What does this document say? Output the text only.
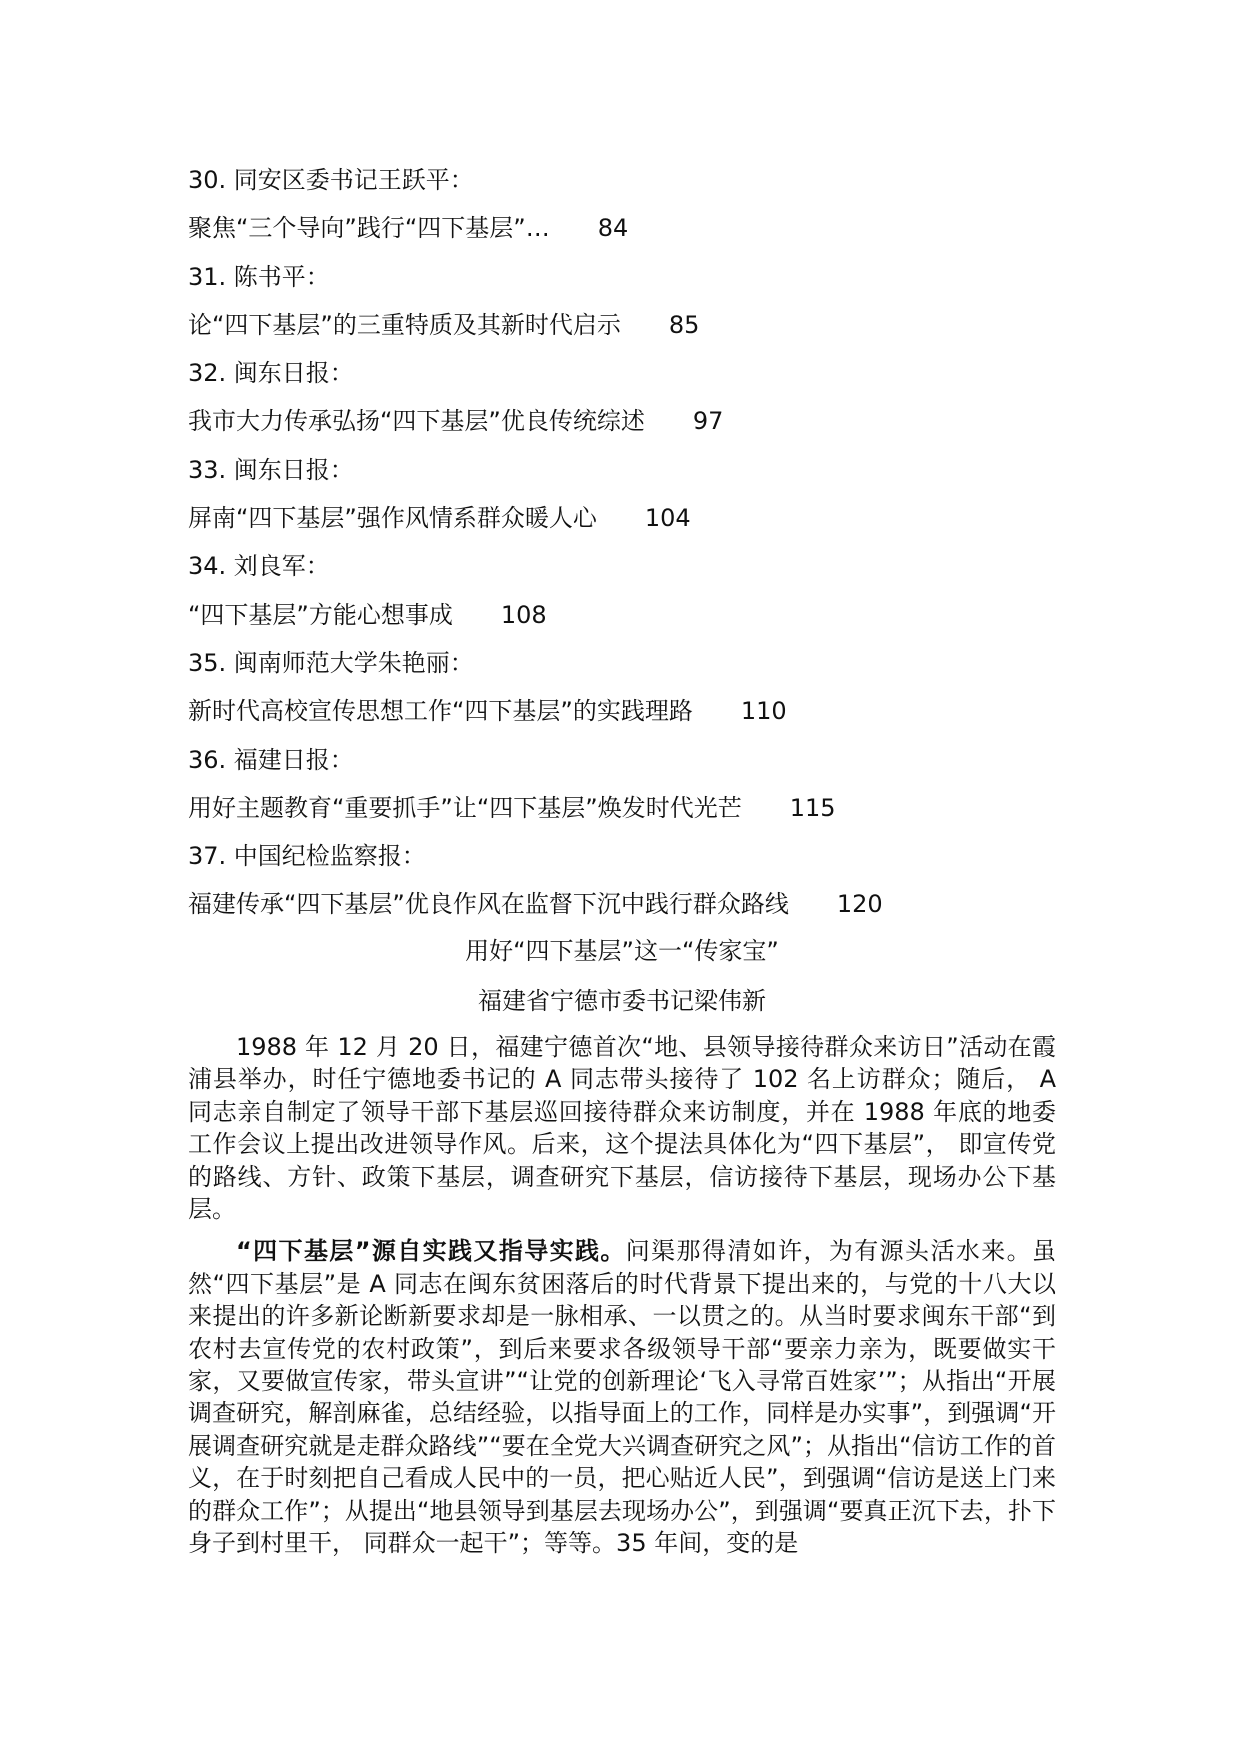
30. 同安区委书记王跃平：
聚焦“三个导向”践行“四下基层”… 84
31. 陈书平：
论“四下基层”的三重特质及其新时代启示 85
32. 闽东日报：
我市大力传承弘扬“四下基层”优良传统综述 97
33. 闽东日报：
屏南“四下基层”强作风情系群众暖人心 104
34. 刘良军：
“四下基层”方能心想事成 108
35. 闽南师范大学朱艳丽：
新时代高校宣传思想工作“四下基层”的实践理路 110
36. 福建日报：
用好主题教育“重要抓手”让“四下基层”焕发时代光芒 115
37. 中国纪检监察报：
福建传承“四下基层”优良作风在监督下沉中践行群众路线 120
用好“四下基层”这一“传家宝”
福建省宁德市委书记梁伟新

1988 年 12 月 20 日，福建宁德首次“地、县领导接待群众来访日”活动在霞浦县举办，时任宁德地委书记的 A 同志带头接待了 102 名上访群众；随后， A 同志亲自制定了领导干部下基层巡回接待群众来访制度，并在 1988 年底的地委工作会议上提出改进领导作风。后来，这个提法具体化为“四下基层”， 即宣传党的路线、方针、政策下基层，调查研究下基层，信访接待下基层，现场办公下基层。

“四下基层”源自实践又指导实践。问渠那得清如许，为有源头活水来。虽然“四下基层”是 A 同志在闽东贫困落后的时代背景下提出来的，与党的十八大以来提出的许多新论断新要求却是一脉相承、一以贯之的。从当时要求闽东干部“到农村去宣传党的农村政策”，到后来要求各级领导干部“要亲力亲为，既要做实干家，又要做宣传家，带头宣讲”“让党的创新理论‘飞入寻常百姓家’”；从指出“开展调查研究，解剖麻雀，总结经验，以指导面上的工作，同样是办实事”，到强调“开展调查研究就是走群众路线”“要在全党大兴调查研究之风”；从指出“信访工作的首义，在于时刻把自己看成人民中的一员，把心贴近人民”，到强调“信访是送上门来的群众工作”；从提出“地县领导到基层去现场办公”，到强调“要真正沉下去，扑下身子到村里干， 同群众一起干”；等等。35 年间，变的是
